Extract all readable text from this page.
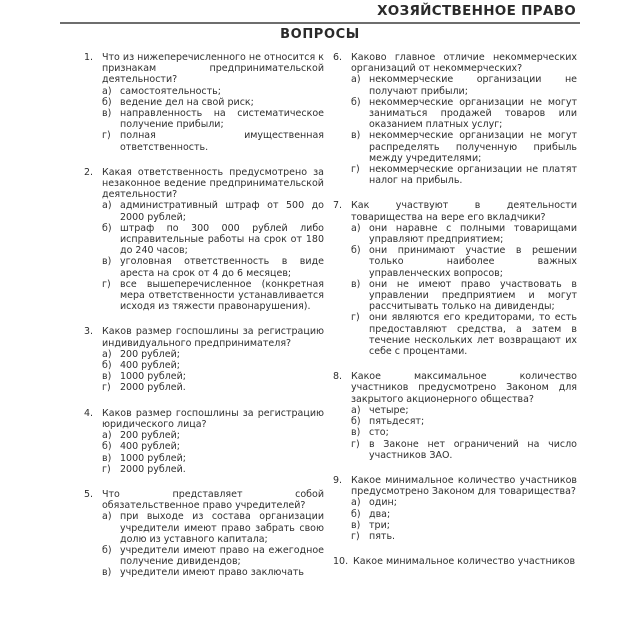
ХОЗЯЙСТВЕННОЕ ПРАВО
ВОПРОСЫ
1. Что из нижеперечисленного не относится к признакам предпринимательской деятельности?
а) самостоятельность;
б) ведение дел на свой риск;
в) направленность на систематическое получение прибыли;
г) полная имущественная ответственность.
2. Какая ответственность предусмотрено за незаконное ведение предпринимательской деятельности?
а) административный штраф от 500 до 2000 рублей;
б) штраф по 300 000 рублей либо исправительные работы на срок от 180 до 240 часов;
в) уголовная ответственность в виде ареста на срок от 4 до 6 месяцев;
г) все вышеперечисленное (конкретная мера ответственности устанавливается исходя из тяжести правонарушения).
3. Каков размер госпошлины за регистрацию индивидуального предпринимателя?
а) 200 рублей;
б) 400 рублей;
в) 1000 рублей;
г) 2000 рублей.
4. Каков размер госпошлины за регистрацию юридического лица?
а) 200 рублей;
б) 400 рублей;
в) 1000 рублей;
г) 2000 рублей.
5. Что представляет собой обязательственное право учредителей?
а) при выходе из состава организации учредители имеют право забрать свою долю из уставного капитала;
б) учредители имеют право на ежегодное получение дивидендов;
в) учредители имеют право заключать
6. Каково главное отличие некоммерческих организаций от некоммерческих?
а) некоммерческие организации не получают прибыли;
б) некоммерческие организации не могут заниматься продажей товаров или оказанием платных услуг;
в) некоммерческие организации не могут распределять полученную прибыль между учредителями;
г) некоммерческие организации не платят налог на прибыль.
7. Как участвуют в деятельности товарищества на вере его вкладчики?
а) они наравне с полными товарищами управляют предприятием;
б) они принимают участие в решении только наиболее важных управленческих вопросов;
в) они не имеют право участвовать в управлении предприятием и могут рассчитывать только на дивиденды;
г) они являются его кредиторами, то есть предоставляют средства, а затем в течение нескольких лет возвращают их себе с процентами.
8. Какое максимальное количество участников предусмотрено Законом для закрытого акционерного общества?
а) четыре;
б) пятьдесят;
в) сто;
г) в Законе нет ограничений на число участников ЗАО.
9. Какое минимальное количество участников предусмотрено Законом для товарищества?
а) один;
б) два;
в) три;
г) пять.
10. Какое минимальное количество участников
